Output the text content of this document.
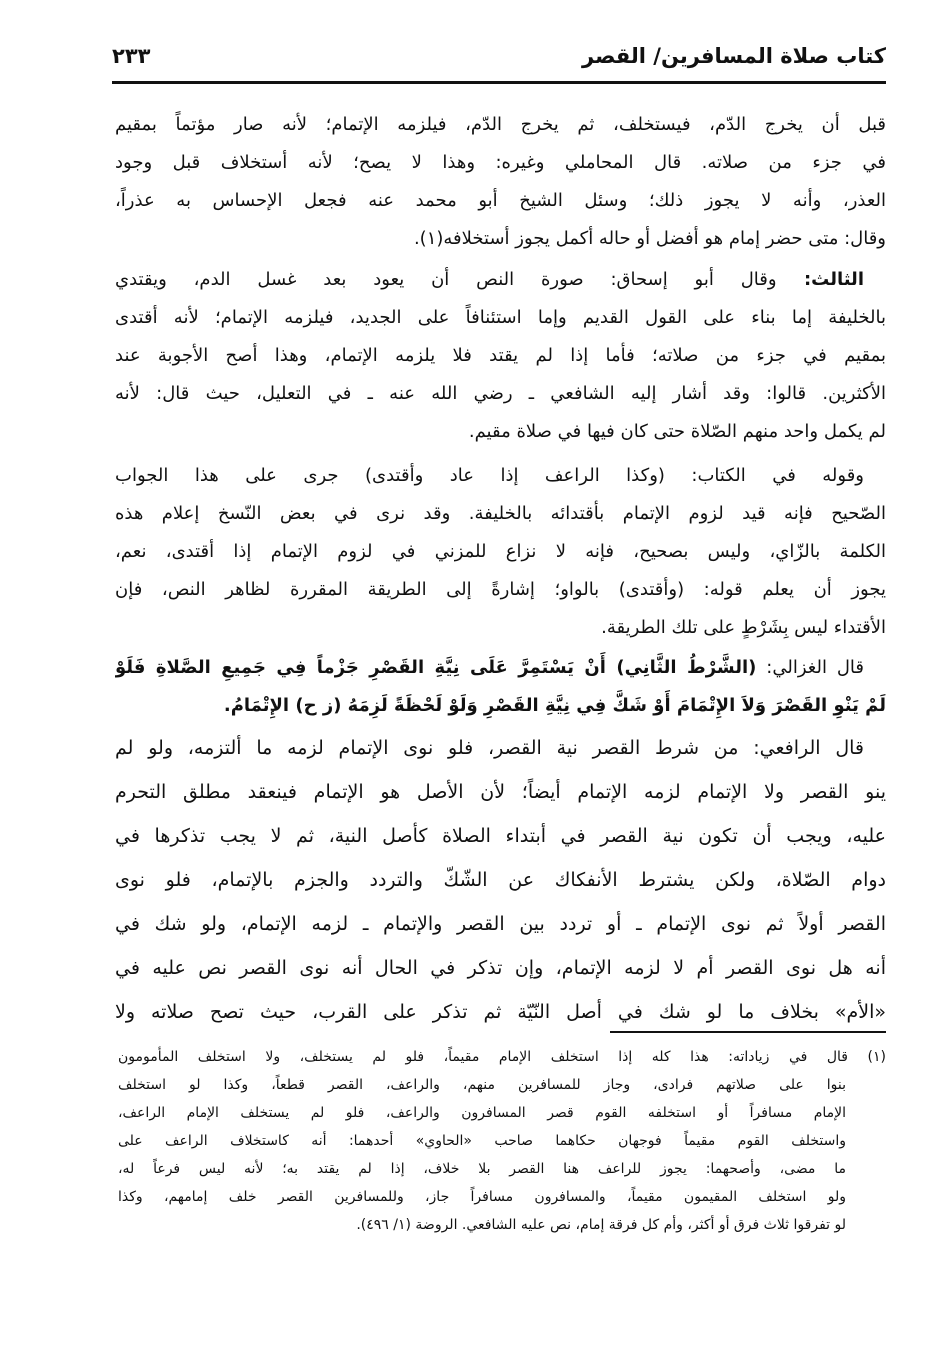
كتاب صلاة المسافرين/ القصر
٢٣٣
قبل أن يخرج الدّم، فيستخلف، ثم يخرج الدّم، فيلزمه الإتمام؛ لأنه صار مؤتماً بمقيم
في جزء من صلاته. قال المحاملي وغيره: وهذا لا يصح؛ لأنه أستخلاف قبل وجود
العذر، وأنه لا يجوز ذلك؛ وسئل الشيخ أبو محمد عنه فجعل الإحساس به عذراً،
وقال: متى حضر إمام هو أفضل أو حاله أكمل يجوز أستخلافه(١).
الثالث: وقال أبو إسحاق: صورة النص أن يعود بعد غسل الدم، ويقتدي
بالخليفة إما بناء على القول القديم وإما استئنافاً على الجديد، فيلزمه الإتمام؛ لأنه أقتدى
بمقيم في جزء من صلاته؛ فأما إذا لم يقتد فلا يلزمه الإتمام، وهذا أصح الأجوبة عند
الأكثرين. قالوا: وقد أشار إليه الشافعي ـ رضي الله عنه ـ في التعليل، حيث قال: لأنه
لم يكمل واحد منهم الصّلاة حتى كان فيها في صلاة مقيم.
وقوله في الكتاب: (وكذا الراعف إذا عاد وأقتدى) جرى على هذا الجواب
الصّحيح فإنه قيد لزوم الإتمام بأقتدائه بالخليفة. وقد نرى في بعض النّسخ إعلام هذه
الكلمة بالزّاي، وليس بصحيح، فإنه لا نزاع للمزني في لزوم الإتمام إذا أقتدى، نعم،
يجوز أن يعلم قوله: (وأقتدى) بالواو؛ إشارةً إلى الطريقة المقررة لظاهر النص، فإن
الأقتداء ليس بِشَرْطٍ على تلك الطريقة.
قال الغزالي: (الشَّرْطُ الثَّانِي) أَنْ يَسْتَمِرَّ عَلَى نِيَّةِ القَصْرِ جَزْماً فِي جَمِيعِ الصَّلاةِ فَلَوْ
لَمْ يَنْوِ القَصْرَ وَلاَ الإِتْمَامَ أَوْ شَكَّ فِي نِيَّةِ القَصْرِ وَلَوْ لَحْظَةً لَزِمَهُ (ز ح) الإِتْمَامُ.
قال الرافعي: من شرط القصر نية القصر، فلو نوى الإتمام لزمه ما ألتزمه، ولو لم
ينو القصر ولا الإتمام لزمه الإتمام أيضاً؛ لأن الأصل هو الإتمام فينعقد مطلق التحرم
عليه، ويجب أن تكون نية القصر في أبتداء الصلاة كأصل النية، ثم لا يجب تذكرها في
دوام الصّلاة، ولكن يشترط الأنفكاك عن الشّكّ والتردد والجزم بالإتمام، فلو نوى
القصر أولاً ثم نوى الإتمام ـ أو تردد بين القصر والإتمام ـ لزمه الإتمام، ولو شك في
أنه هل نوى القصر أم لا لزمه الإتمام، وإن تذكر في الحال أنه نوى القصر نص عليه في
«الأم» بخلاف ما لو شك في أصل النّيّة ثم تذكر على القرب، حيث تصح صلاته ولا
(١) قال في زياداته: هذا كله إذا استخلف الإمام مقيماً، فلو لم يستخلف، ولا استخلف المأمومون
بنوا على صلاتهم فرادى، وجاز للمسافرين منهم، والراعف، القصر قطعاً، وكذا لو استخلف
الإمام مسافراً أو استخلفه القوم قصر المسافرون والراعف، فلو لم يستخلف الإمام الراعف،
واستخلف القوم مقيماً فوجهان حكاهما صاحب «الحاوي» أحدهما: أنه كاستخلاف الراعف على
ما مضى، وأصحهما: يجوز للراعف هنا القصر بلا خلاف، إذا لم يقتد به؛ لأنه ليس فرعاً له،
ولو استخلف المقيمون مقيماً، والمسافرون مسافراً جاز، وللمسافرين القصر خلف إمامهم، وكذا
لو تفرقوا ثلاث فرق أو أكثر، وأم كل فرقة إمام، نص عليه الشافعي. الروضة (١/ ٤٩٦).
